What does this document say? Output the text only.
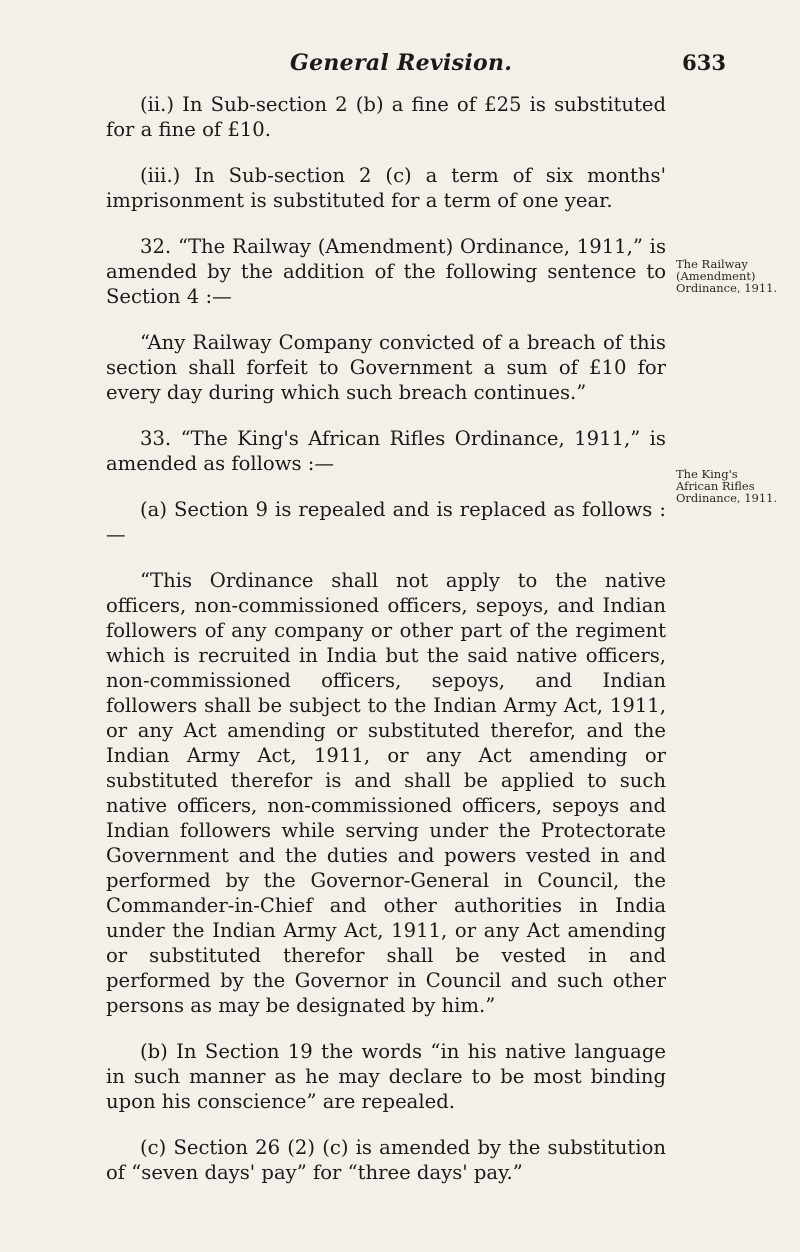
General Revision.	633

(ii.) In Sub-section 2 (b) a fine of £25 is substituted for a fine of £10.

(iii.) In Sub-section 2 (c) a term of six months' imprisonment is substituted for a term of one year.

32. “The Railway (Amendment) Ordinance, 1911,” is amended by the addition of the following sentence to Section 4 :—

“Any Railway Company convicted of a breach of this section shall forfeit to Government a sum of £10 for every day during which such breach continues.”

33. “The King's African Rifles Ordinance, 1911,” is amended as follows :—

(a) Section 9 is repealed and is replaced as follows :—

“This Ordinance shall not apply to the native officers, non-commissioned officers, sepoys, and Indian followers of any company or other part of the regiment which is recruited in India but the said native officers, non-commissioned officers, sepoys, and Indian followers shall be subject to the Indian Army Act, 1911, or any Act amending or substituted therefor, and the Indian Army Act, 1911, or any Act amending or substituted therefor is and shall be applied to such native officers, non-commissioned officers, sepoys and Indian followers while serving under the Protectorate Government and the duties and powers vested in and performed by the Governor-General in Council, the Commander-in-Chief and other authorities in India under the Indian Army Act, 1911, or any Act amending or substituted therefor shall be vested in and performed by the Governor in Council and such other persons as may be designated by him.”

(b) In Section 19 the words “in his native language in such manner as he may declare to be most binding upon his conscience” are repealed.

(c) Section 26 (2) (c) is amended by the substitution of “seven days' pay” for “three days' pay.”

The Railway
(Amendment)
Ordinance, 1911.
The King's
African Rifles
Ordinance, 1911.
